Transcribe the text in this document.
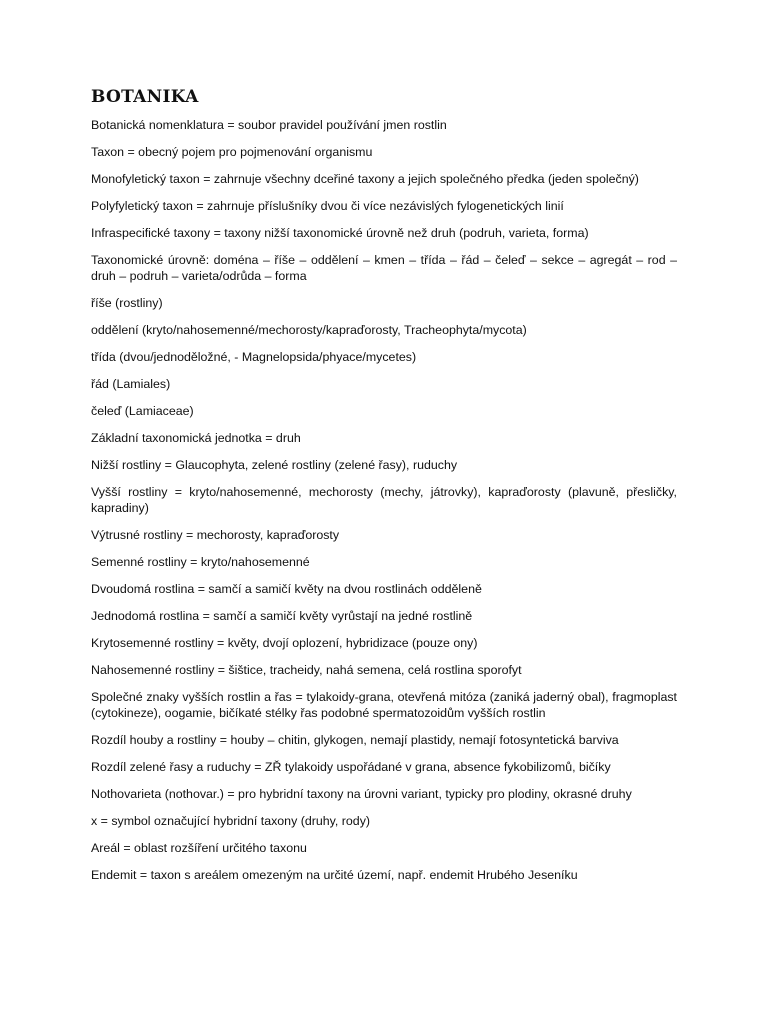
BOTANIKA

Botanická nomenklatura = soubor pravidel používání jmen rostlin

Taxon = obecný pojem pro pojmenování organismu

Monofyletický taxon = zahrnuje všechny dceřiné taxony a jejich společného předka (jeden společný)

Polyfyletický taxon = zahrnuje příslušníky dvou či více nezávislých fylogenetických linií

Infraspecifické taxony = taxony nižší taxonomické úrovně než druh (podruh, varieta, forma)

Taxonomické úrovně: doména – říše – oddělení – kmen – třída – řád – čeleď – sekce – agregát – rod – druh – podruh – varieta/odrůda – forma

říše (rostliny)

oddělení (kryto/nahosemenné/mechorosty/kapraďorosty, Tracheophyta/mycota)

třída (dvou/jednoděložné, - Magnelopsida/phyace/mycetes)

řád (Lamiales)

čeleď (Lamiaceae)

Základní taxonomická jednotka = druh

Nižší rostliny = Glaucophyta, zelené rostliny (zelené řasy), ruduchy

Vyšší rostliny = kryto/nahosemenné, mechorosty (mechy, játrovky), kapraďorosty (plavuně, přesličky, kapradiny)

Výtrusné rostliny = mechorosty, kapraďorosty

Semenné rostliny = kryto/nahosemenné

Dvoudomá rostlina = samčí a samičí květy na dvou rostlinách odděleně

Jednodomá rostlina = samčí a samičí květy vyrůstají na jedné rostlině

Krytosemenné rostliny = květy, dvojí oplození, hybridizace (pouze ony)

Nahosemenné rostliny = šištice, tracheidy, nahá semena, celá rostlina sporofyt

Společné znaky vyšších rostlin a řas = tylakoidy-grana, otevřená mitóza (zaniká jaderný obal), fragmoplast (cytokineze), oogamie, bičíkaté stélky řas podobné spermatozoidům vyšších rostlin

Rozdíl houby a rostliny = houby – chitin, glykogen, nemají plastidy, nemají fotosyntetická barviva

Rozdíl zelené řasy a ruduchy = ZŘ tylakoidy uspořádané v grana, absence fykobilizomů, bičíky

Nothovarieta (nothovar.) = pro hybridní taxony na úrovni variant, typicky pro plodiny, okrasné druhy

x = symbol označující hybridní taxony (druhy, rody)

Areál = oblast rozšíření určitého taxonu

Endemit = taxon s areálem omezeným na určité území, např. endemit Hrubého Jeseníku
